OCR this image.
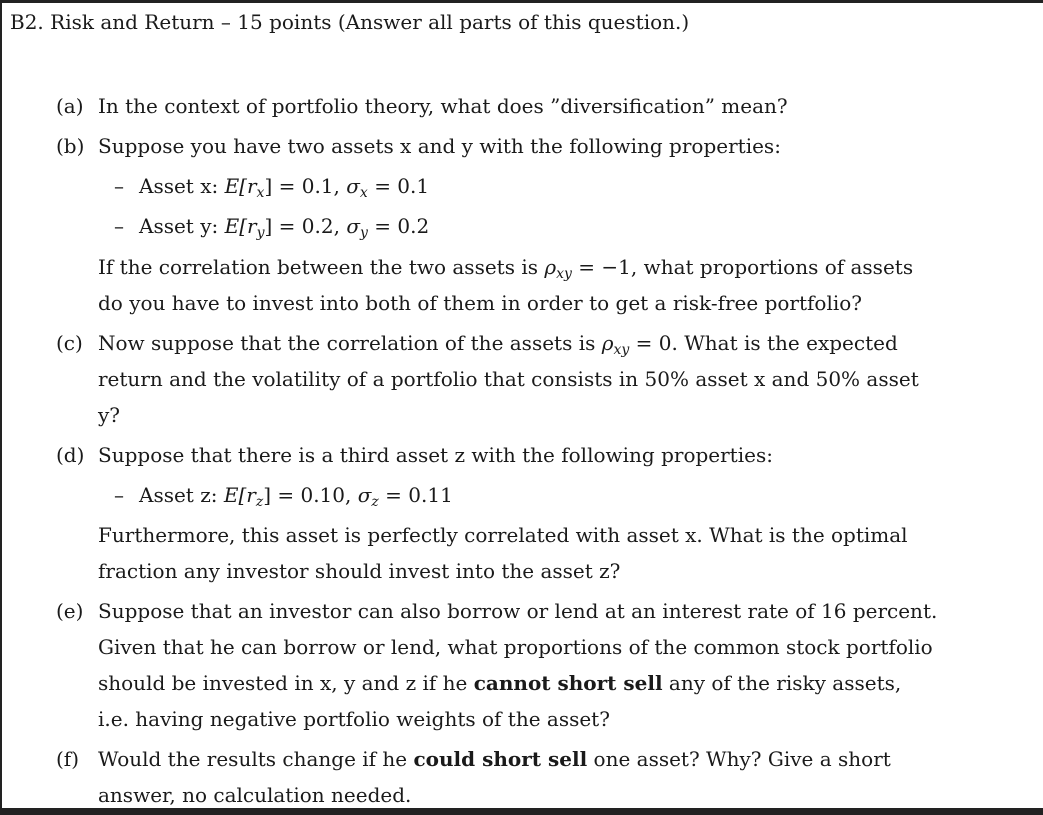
B2. Risk and Return – 15 points (Answer all parts of this question.)
(a) In the context of portfolio theory, what does ”diversification” mean?
(b) Suppose you have two assets x and y with the following properties:
– Asset x: $E[r_x] = 0.1$, $\sigma_x = 0.1$
– Asset y: $E[r_y] = 0.2$, $\sigma_y = 0.2$
If the correlation between the two assets is $\rho_{xy} = -1$, what proportions of assets
do you have to invest into both of them in order to get a risk-free portfolio?
(c) Now suppose that the correlation of the assets is $\rho_{xy} = 0$. What is the expected
return and the volatility of a portfolio that consists in 50% asset x and 50% asset
y?
(d) Suppose that there is a third asset z with the following properties:
– Asset z: $E[r_z] = 0.10$, $\sigma_z = 0.11$
Furthermore, this asset is perfectly correlated with asset x. What is the optimal
fraction any investor should invest into the asset z?
(e) Suppose that an investor can also borrow or lend at an interest rate of 16 percent.
Given that he can borrow or lend, what proportions of the common stock portfolio
should be invested in x, y and z if he cannot short sell any of the risky assets,
i.e. having negative portfolio weights of the asset?
(f) Would the results change if he could short sell one asset? Why? Give a short
answer, no calculation needed.
